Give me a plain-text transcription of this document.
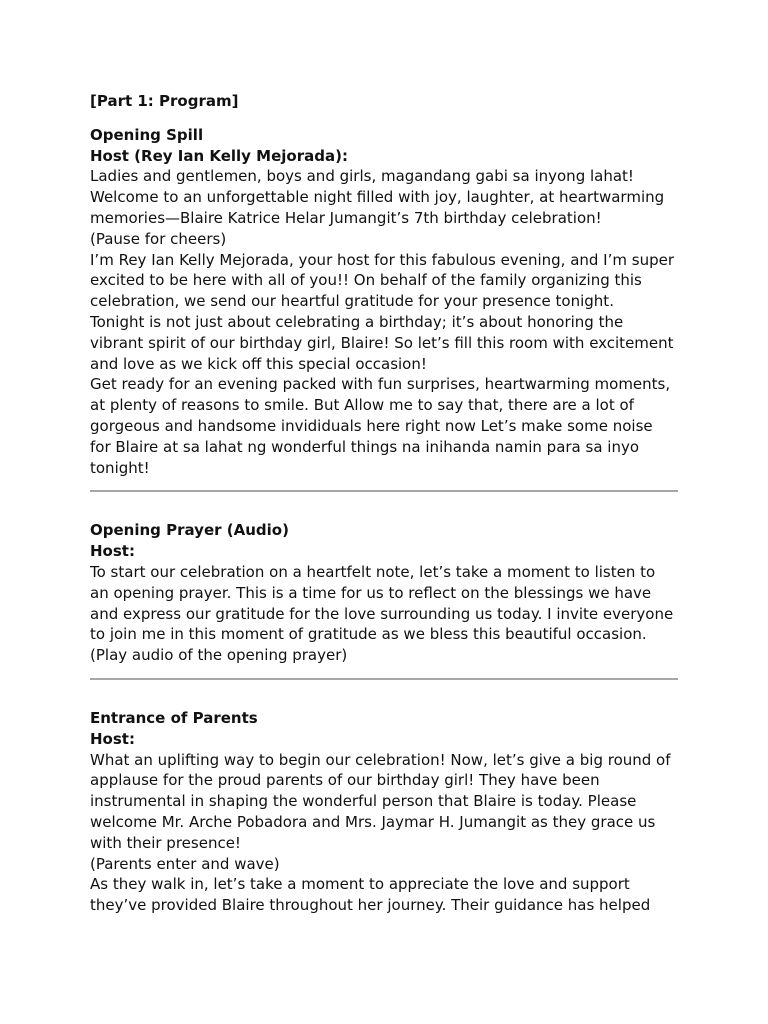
[Part 1: Program]
Opening Spill
Host (Rey Ian Kelly Mejorada):
Ladies and gentlemen, boys and girls, magandang gabi sa inyong lahat!
Welcome to an unforgettable night filled with joy, laughter, at heartwarming
memories—Blaire Katrice Helar Jumangit’s 7th birthday celebration!
(Pause for cheers)
I’m Rey Ian Kelly Mejorada, your host for this fabulous evening, and I’m super
excited to be here with all of you!! On behalf of the family organizing this
celebration, we send our heartful gratitude for your presence tonight.
Tonight is not just about celebrating a birthday; it’s about honoring the
vibrant spirit of our birthday girl, Blaire! So let’s fill this room with excitement
and love as we kick off this special occasion!
Get ready for an evening packed with fun surprises, heartwarming moments,
at plenty of reasons to smile. But Allow me to say that, there are a lot of
gorgeous and handsome invididuals here right now Let’s make some noise
for Blaire at sa lahat ng wonderful things na inihanda namin para sa inyo
tonight!
Opening Prayer (Audio)
Host:
To start our celebration on a heartfelt note, let’s take a moment to listen to
an opening prayer. This is a time for us to reflect on the blessings we have
and express our gratitude for the love surrounding us today. I invite everyone
to join me in this moment of gratitude as we bless this beautiful occasion.
(Play audio of the opening prayer)
Entrance of Parents
Host:
What an uplifting way to begin our celebration! Now, let’s give a big round of
applause for the proud parents of our birthday girl! They have been
instrumental in shaping the wonderful person that Blaire is today. Please
welcome Mr. Arche Pobadora and Mrs. Jaymar H. Jumangit as they grace us
with their presence!
(Parents enter and wave)
As they walk in, let’s take a moment to appreciate the love and support
they’ve provided Blaire throughout her journey. Their guidance has helped
